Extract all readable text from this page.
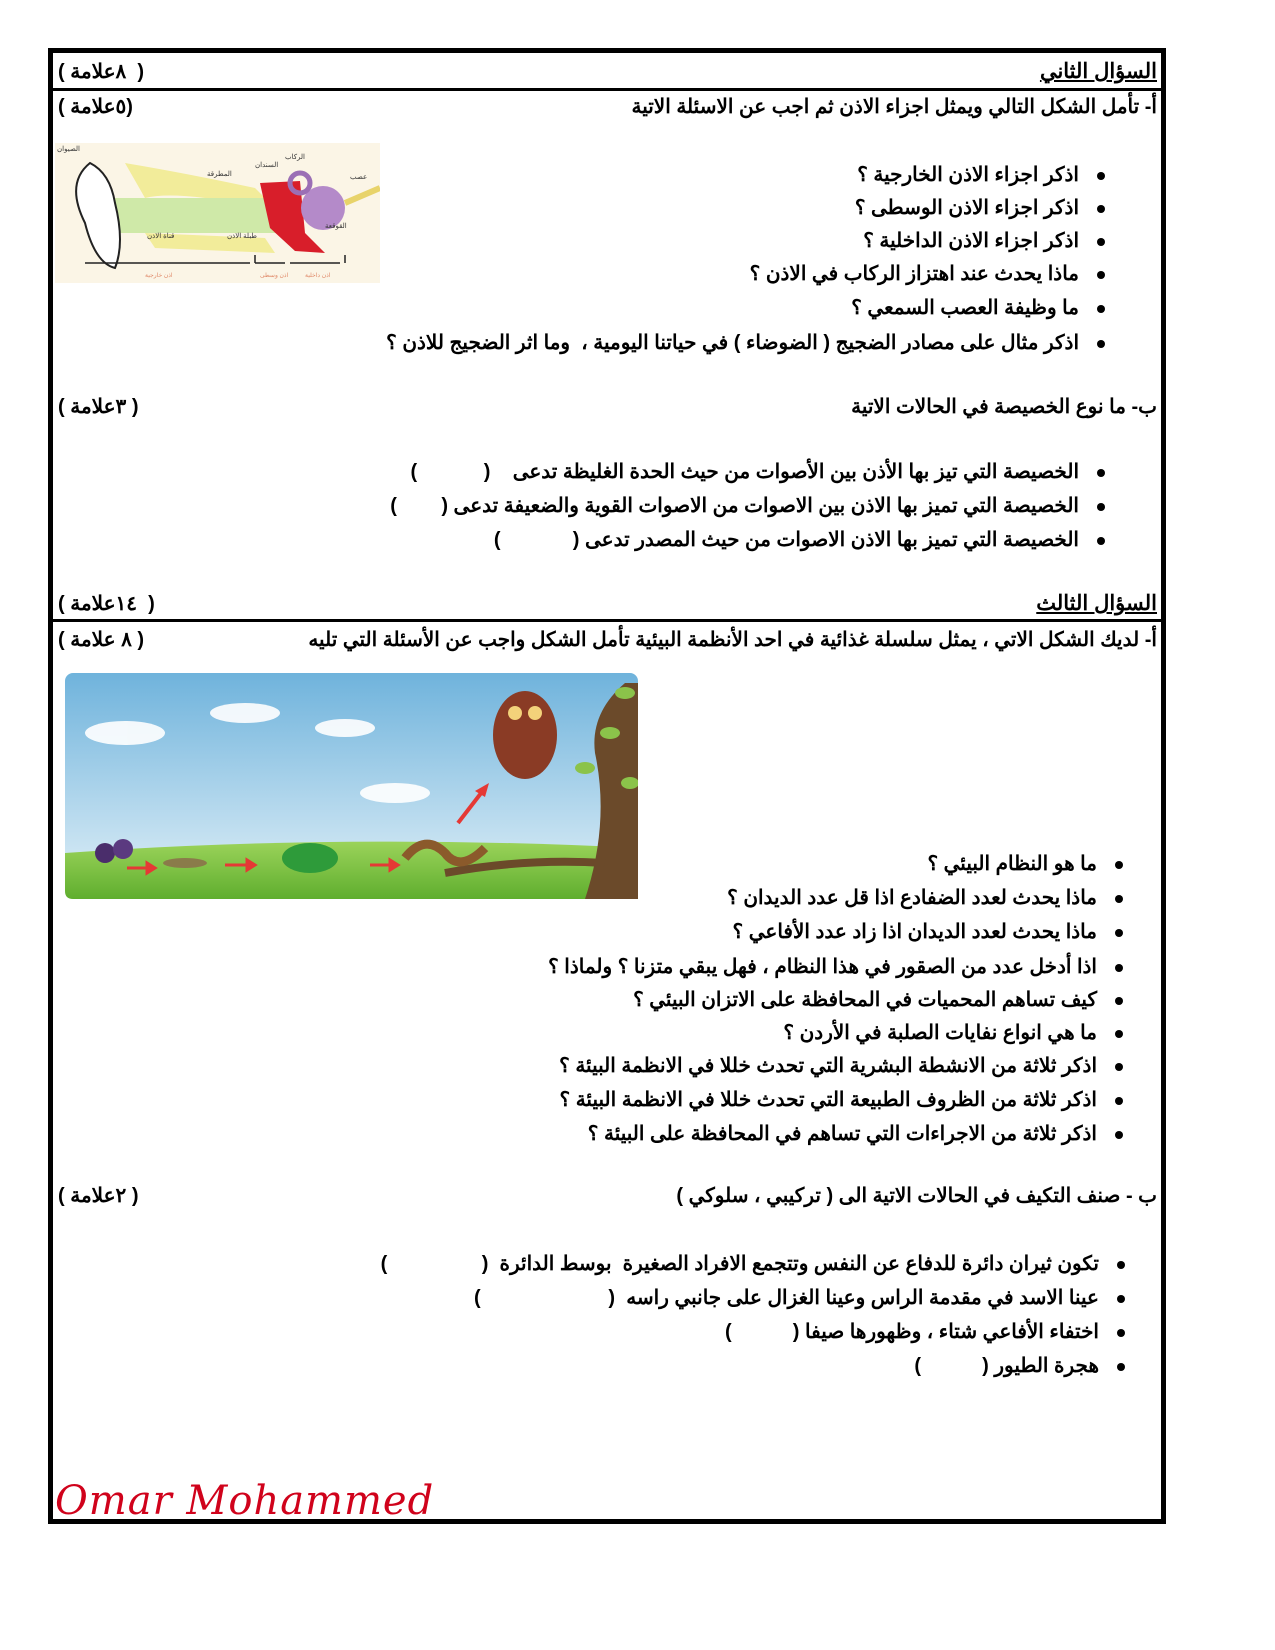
السؤال الثاني
(  ٨علامة )
أ- تأمل الشكل التالي ويمثل اجزاء الاذن ثم اجب عن الاسئلة الاتية
(٥علامة )
الصيوان
الركاب
السندان
المطرقة	عصب
القوقعة
قناة الاذن	طبلة الاذن
اذن خارجية	اذن وسطى	اذن داخلية
اذكر اجزاء الاذن الخارجية ؟
اذكر اجزاء الاذن الوسطى ؟
اذكر اجزاء الاذن الداخلية ؟
ماذا يحدث عند اهتزاز الركاب في الاذن ؟
ما وظيفة العصب السمعي ؟
اذكر مثال على مصادر الضجيج ( الضوضاء ) في حياتنا اليومية ،  وما اثر الضجيج للاذن ؟
ب- ما نوع الخصيصة في الحالات الاتية
( ٣علامة )
الخصيصة التي تيز بها الأذن بين الأصوات من حيث الحدة الغليظة تدعى    (            )
الخصيصة التي تميز بها الاذن بين الاصوات من الاصوات القوية والضعيفة تدعى (        )
الخصيصة التي تميز بها الاذن الاصوات من حيث المصدر تدعى (             )
السؤال الثالث
(  ١٤علامة )
أ- لديك الشكل الاتي ، يمثل سلسلة غذائية في احد الأنظمة البيئية تأمل الشكل واجب عن الأسئلة التي تليه
( ٨ علامة )
ما هو النظام البيئي ؟
ماذا يحدث لعدد الضفادع اذا قل عدد الديدان ؟
ماذا يحدث لعدد الديدان اذا زاد عدد الأفاعي ؟
اذا أدخل عدد من الصقور في هذا النظام ، فهل يبقي متزنا ؟ ولماذا ؟
كيف تساهم المحميات في المحافظة على الاتزان البيئي ؟
ما هي انواع نفايات الصلبة في الأردن ؟
اذكر ثلاثة من الانشطة البشرية التي تحدث خللا في الانظمة البيئة ؟
اذكر ثلاثة من الظروف الطبيعة التي تحدث خللا في الانظمة البيئة ؟
اذكر ثلاثة من الاجراءات التي تساهم في المحافظة على البيئة ؟
ب - صنف التكيف في الحالات الاتية الى ( تركيبي ، سلوكي )
( ٢علامة )
تكون ثيران دائرة للدفاع عن النفس وتتجمع الافراد الصغيرة  بوسط الدائرة  (                 )
عينا الاسد في مقدمة الراس وعينا الغزال على جانبي راسه  (                       )
اختفاء الأفاعي شتاء ، وظهورها صيفا (           )
هجرة الطيور (           )
Omar Mohammed
